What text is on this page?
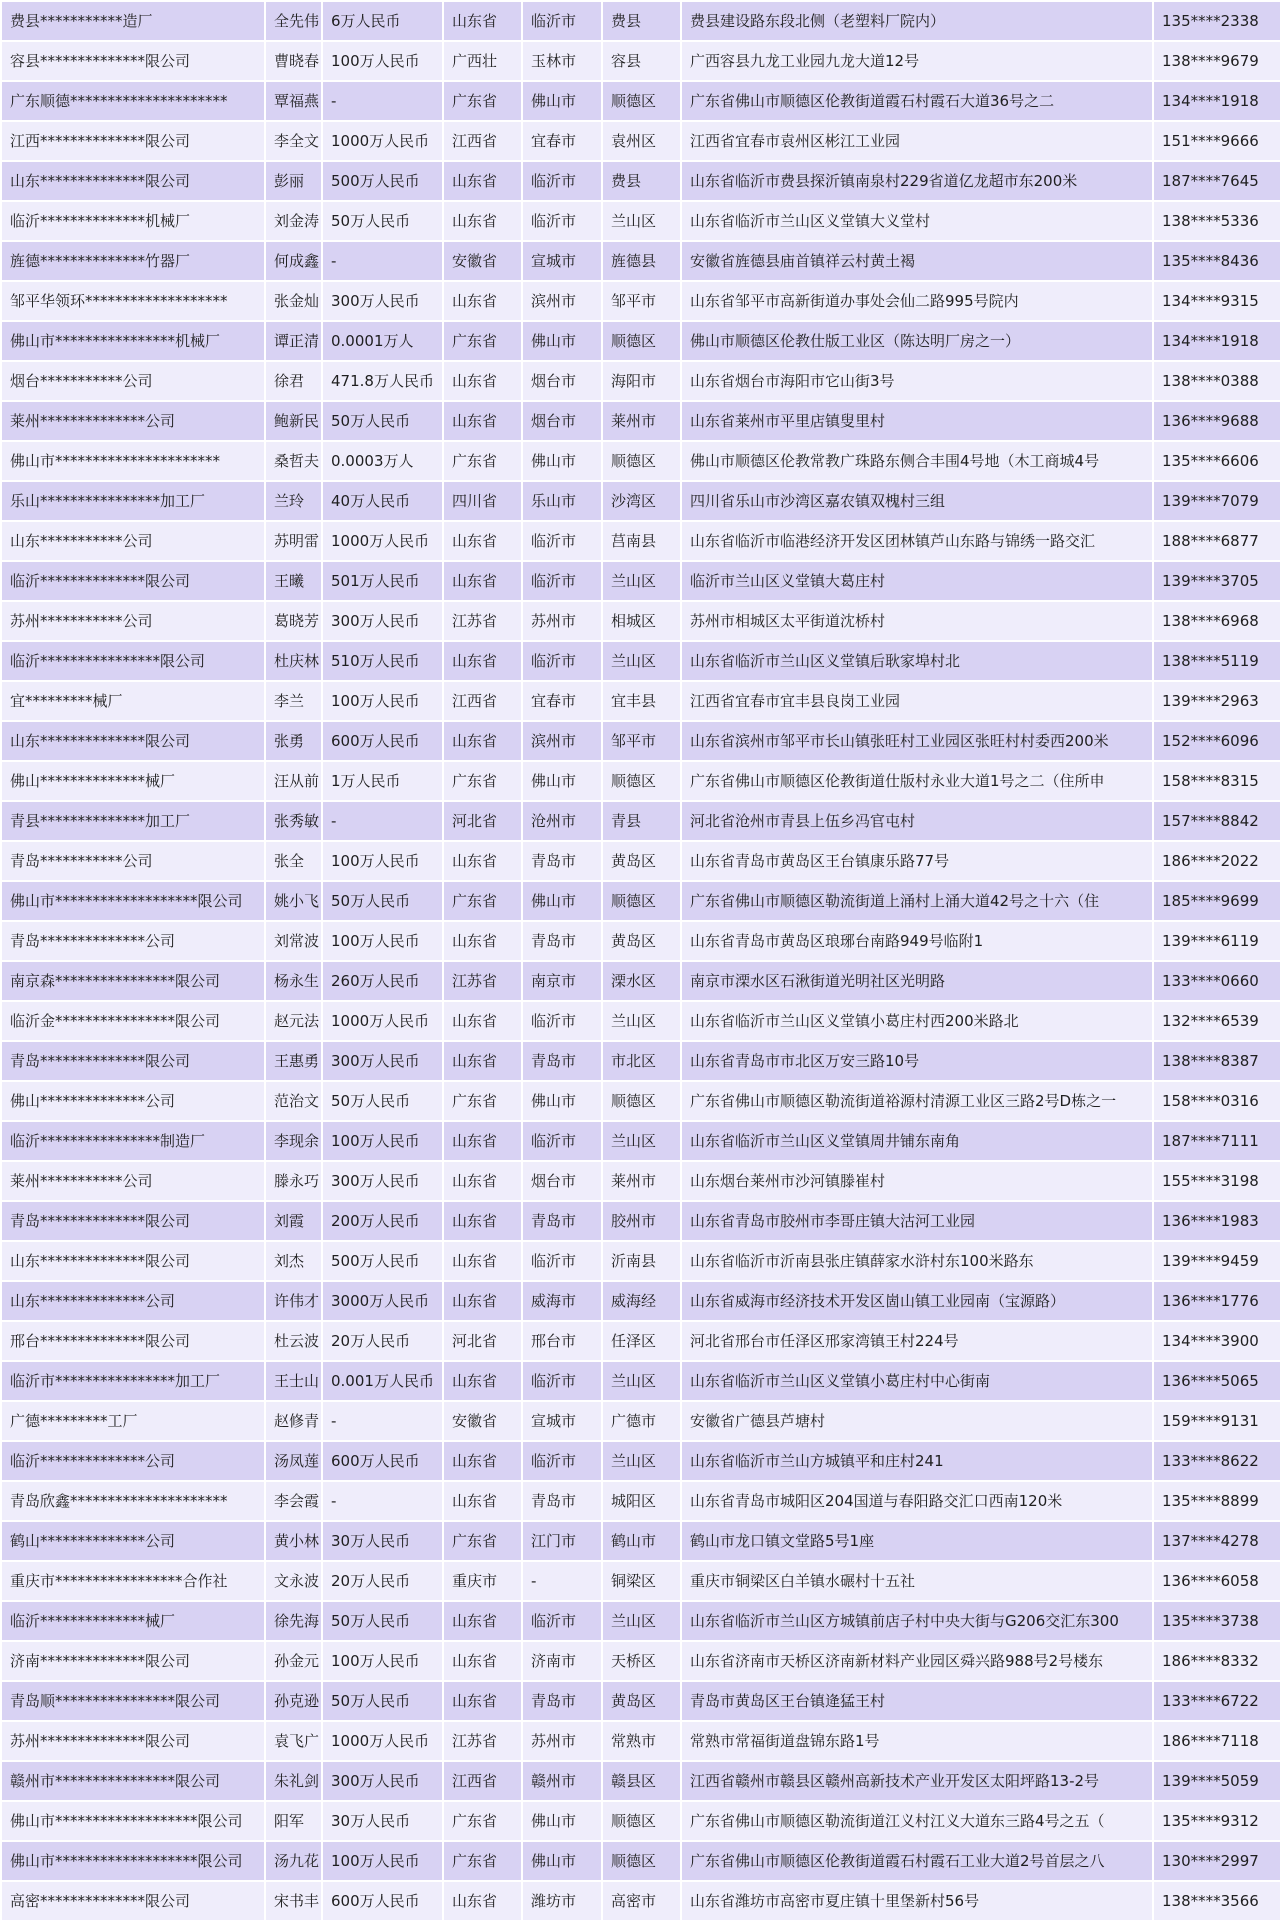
费县***********造厂	全先伟	6万人民币	山东省	临沂市	费县	费县建设路东段北侧（老塑料厂院内）	135****2338
容县**************限公司	曹晓春	100万人民币	广西壮	玉林市	容县	广西容县九龙工业园九龙大道12号	138****9679
广东顺德*********************	覃福燕	-	广东省	佛山市	顺德区	广东省佛山市顺德区伦教街道霞石村霞石大道36号之二	134****1918
江西**************限公司	李全文	1000万人民币	江西省	宜春市	袁州区	江西省宜春市袁州区彬江工业园	151****9666
山东**************限公司	彭丽	500万人民币	山东省	临沂市	费县	山东省临沂市费县探沂镇南泉村229省道亿龙超市东200米	187****7645
临沂**************机械厂	刘金涛	50万人民币	山东省	临沂市	兰山区	山东省临沂市兰山区义堂镇大义堂村	138****5336
旌德**************竹器厂	何成鑫	-	安徽省	宣城市	旌德县	安徽省旌德县庙首镇祥云村黄土褐	135****8436
邹平华领环*******************	张金灿	300万人民币	山东省	滨州市	邹平市	山东省邹平市高新街道办事处会仙二路995号院内	134****9315
佛山市****************机械厂	谭正清	0.0001万人	广东省	佛山市	顺德区	佛山市顺德区伦教仕版工业区（陈达明厂房之一）	134****1918
烟台***********公司	徐君	471.8万人民币	山东省	烟台市	海阳市	山东省烟台市海阳市它山街3号	138****0388
莱州**************公司	鲍新民	50万人民币	山东省	烟台市	莱州市	山东省莱州市平里店镇叟里村	136****9688
佛山市**********************	桑哲夫	0.0003万人	广东省	佛山市	顺德区	佛山市顺德区伦教常教广珠路东侧合丰围4号地（木工商城4号	135****6606
乐山****************加工厂	兰玲	40万人民币	四川省	乐山市	沙湾区	四川省乐山市沙湾区嘉农镇双槐村三组	139****7079
山东***********公司	苏明雷	1000万人民币	山东省	临沂市	莒南县	山东省临沂市临港经济开发区团林镇芦山东路与锦绣一路交汇	188****6877
临沂**************限公司	王曦	501万人民币	山东省	临沂市	兰山区	临沂市兰山区义堂镇大葛庄村	139****3705
苏州***********公司	葛晓芳	300万人民币	江苏省	苏州市	相城区	苏州市相城区太平街道沈桥村	138****6968
临沂****************限公司	杜庆林	510万人民币	山东省	临沂市	兰山区	山东省临沂市兰山区义堂镇后耿家埠村北	138****5119
宜*********械厂	李兰	100万人民币	江西省	宜春市	宜丰县	江西省宜春市宜丰县良岗工业园	139****2963
山东**************限公司	张勇	600万人民币	山东省	滨州市	邹平市	山东省滨州市邹平市长山镇张旺村工业园区张旺村村委西200米	152****6096
佛山**************械厂	汪从前	1万人民币	广东省	佛山市	顺德区	广东省佛山市顺德区伦教街道仕版村永业大道1号之二（住所申	158****8315
青县**************加工厂	张秀敏	-	河北省	沧州市	青县	河北省沧州市青县上伍乡冯官屯村	157****8842
青岛***********公司	张全	100万人民币	山东省	青岛市	黄岛区	山东省青岛市黄岛区王台镇康乐路77号	186****2022
佛山市*******************限公司	姚小飞	50万人民币	广东省	佛山市	顺德区	广东省佛山市顺德区勒流街道上涌村上涌大道42号之十六（住	185****9699
青岛**************公司	刘常波	100万人民币	山东省	青岛市	黄岛区	山东省青岛市黄岛区琅琊台南路949号临附1	139****6119
南京森****************限公司	杨永生	260万人民币	江苏省	南京市	溧水区	南京市溧水区石湫街道光明社区光明路	133****0660
临沂金****************限公司	赵元法	1000万人民币	山东省	临沂市	兰山区	山东省临沂市兰山区义堂镇小葛庄村西200米路北	132****6539
青岛**************限公司	王惠勇	300万人民币	山东省	青岛市	市北区	山东省青岛市市北区万安三路10号	138****8387
佛山**************公司	范治文	50万人民币	广东省	佛山市	顺德区	广东省佛山市顺德区勒流街道裕源村清源工业区三路2号D栋之一	158****0316
临沂****************制造厂	李现余	100万人民币	山东省	临沂市	兰山区	山东省临沂市兰山区义堂镇周井铺东南角	187****7111
莱州***********公司	滕永巧	300万人民币	山东省	烟台市	莱州市	山东烟台莱州市沙河镇滕崔村	155****3198
青岛**************限公司	刘霞	200万人民币	山东省	青岛市	胶州市	山东省青岛市胶州市李哥庄镇大沽河工业园	136****1983
山东**************限公司	刘杰	500万人民币	山东省	临沂市	沂南县	山东省临沂市沂南县张庄镇薛家水浒村东100米路东	139****9459
山东**************公司	许伟才	3000万人民币	山东省	威海市	威海经	山东省威海市经济技术开发区崮山镇工业园南（宝源路）	136****1776
邢台**************限公司	杜云波	20万人民币	河北省	邢台市	任泽区	河北省邢台市任泽区邢家湾镇王村224号	134****3900
临沂市****************加工厂	王士山	0.001万人民币	山东省	临沂市	兰山区	山东省临沂市兰山区义堂镇小葛庄村中心街南	136****5065
广德*********工厂	赵修青	-	安徽省	宣城市	广德市	安徽省广德县芦塘村	159****9131
临沂**************公司	汤凤莲	600万人民币	山东省	临沂市	兰山区	山东省临沂市兰山方城镇平和庄村241	133****8622
青岛欣鑫*********************	李会霞	-	山东省	青岛市	城阳区	山东省青岛市城阳区204国道与春阳路交汇口西南120米	135****8899
鹤山**************公司	黄小林	30万人民币	广东省	江门市	鹤山市	鹤山市龙口镇文堂路5号1座	137****4278
重庆市*****************合作社	文永波	20万人民币	重庆市	-	铜梁区	重庆市铜梁区白羊镇水碾村十五社	136****6058
临沂**************械厂	徐先海	50万人民币	山东省	临沂市	兰山区	山东省临沂市兰山区方城镇前店子村中央大街与G206交汇东300	135****3738
济南**************限公司	孙金元	100万人民币	山东省	济南市	天桥区	山东省济南市天桥区济南新材料产业园区舜兴路988号2号楼东	186****8332
青岛顺****************限公司	孙克逊	50万人民币	山东省	青岛市	黄岛区	青岛市黄岛区王台镇逄猛王村	133****6722
苏州**************限公司	袁飞广	1000万人民币	江苏省	苏州市	常熟市	常熟市常福街道盘锦东路1号	186****7118
赣州市****************限公司	朱礼剑	300万人民币	江西省	赣州市	赣县区	江西省赣州市赣县区赣州高新技术产业开发区太阳坪路13-2号	139****5059
佛山市*******************限公司	阳军	30万人民币	广东省	佛山市	顺德区	广东省佛山市顺德区勒流街道江义村江义大道东三路4号之五（	135****9312
佛山市*******************限公司	汤九花	100万人民币	广东省	佛山市	顺德区	广东省佛山市顺德区伦教街道霞石村霞石工业大道2号首层之八	130****2997
高密**************限公司	宋书丰	600万人民币	山东省	潍坊市	高密市	山东省潍坊市高密市夏庄镇十里堡新村56号	138****3566
